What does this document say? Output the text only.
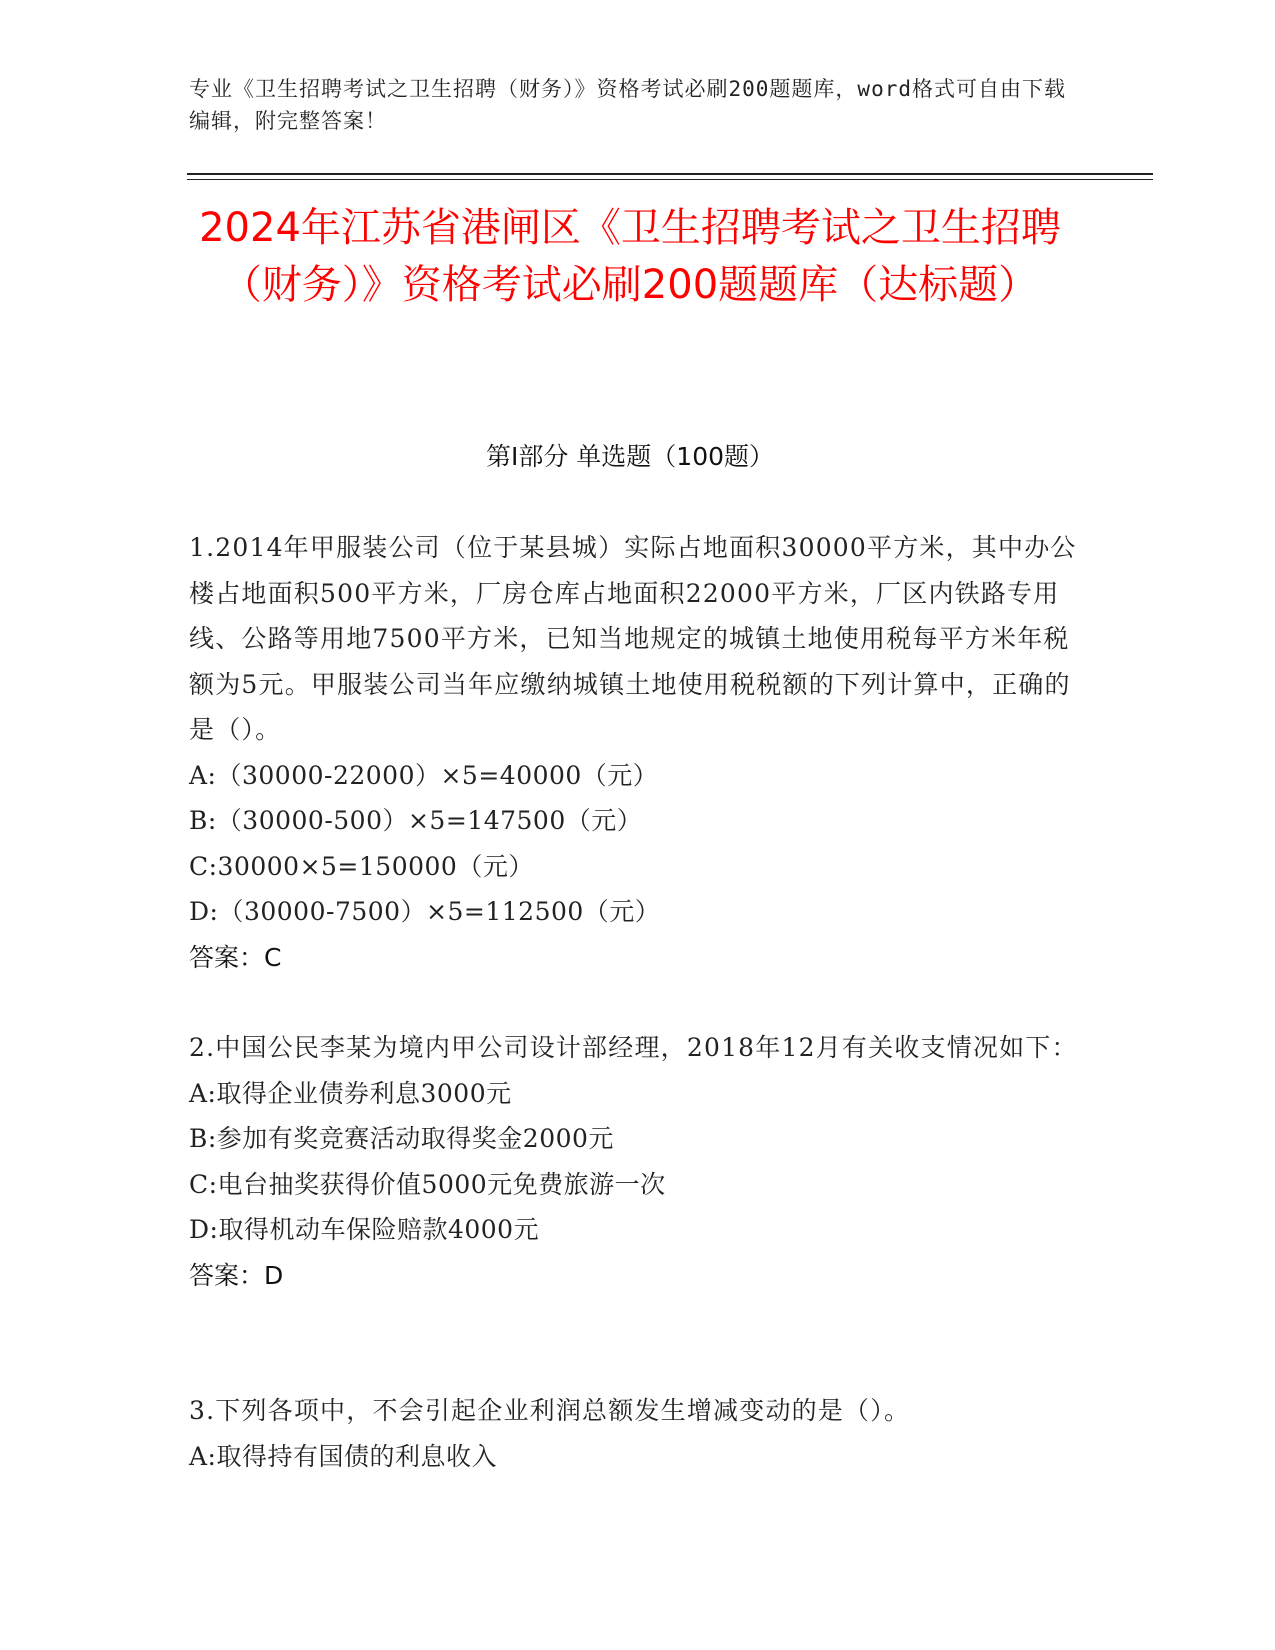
专业《卫生招聘考试之卫生招聘（财务）》资格考试必刷200题题库，word格式可自由下载编辑，附完整答案！
2024年江苏省港闸区《卫生招聘考试之卫生招聘（财务）》资格考试必刷200题题库（达标题）
第Ⅰ部分 单选题（100题）
1.2014年甲服装公司（位于某县城）实际占地面积30000平方米，其中办公楼占地面积500平方米，厂房仓库占地面积22000平方米，厂区内铁路专用线、公路等用地7500平方米，已知当地规定的城镇土地使用税每平方米年税额为5元。甲服装公司当年应缴纳城镇土地使用税税额的下列计算中，正确的是（）。
A:（30000-22000）×5=40000（元）
B:（30000-500）×5=147500（元）
C:30000×5=150000（元）
D:（30000-7500）×5=112500（元）
答案：C
2.中国公民李某为境内甲公司设计部经理，2018年12月有关收支情况如下：
A:取得企业债券利息3000元
B:参加有奖竞赛活动取得奖金2000元
C:电台抽奖获得价值5000元免费旅游一次
D:取得机动车保险赔款4000元
答案：D
3.下列各项中，不会引起企业利润总额发生增减变动的是（）。
A:取得持有国债的利息收入
